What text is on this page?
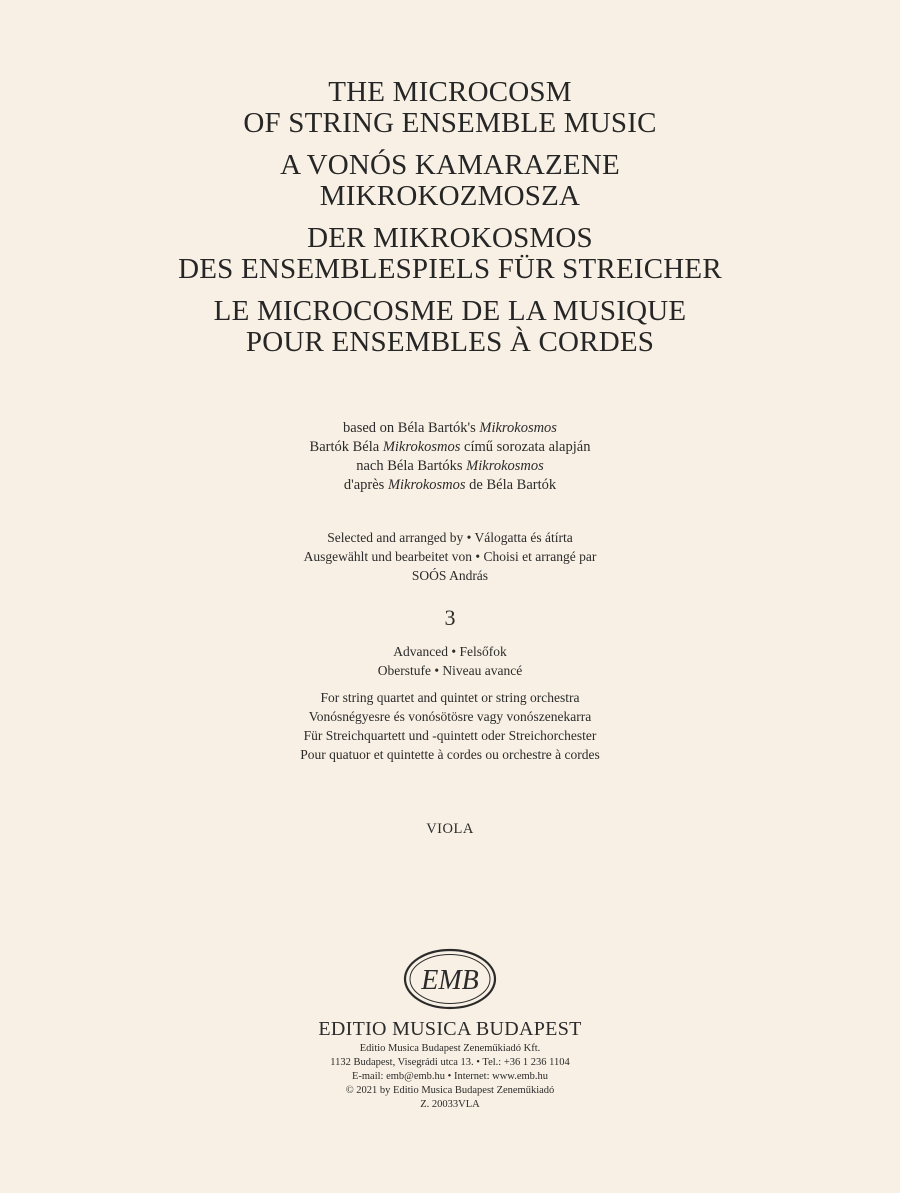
THE MICROCOSM
OF STRING ENSEMBLE MUSIC
A VONÓS KAMARAZENE
MIKROKOZMOSZA
DER MIKROKOSMOS
DES ENSEMBLESPIELS FÜR STREICHER
LE MICROCOSME DE LA MUSIQUE
POUR ENSEMBLES À CORDES
based on Béla Bartók's Mikrokosmos
Bartók Béla Mikrokosmos című sorozata alapján
nach Béla Bartóks Mikrokosmos
d'après Mikrokosmos de Béla Bartók
Selected and arranged by • Válogatta és átírta
Ausgewählt und bearbeitet von • Choisi et arrangé par
SOÓS András
3
Advanced • Felsőfok
Oberstufe • Niveau avancé
For string quartet and quintet or string orchestra
Vonósnégyesre és vonósötösre vagy vonószenekarra
Für Streichquartett und -quintett oder Streichorchester
Pour quatuor et quintette à cordes ou orchestre à cordes
VIOLA
EMB
EDITIO MUSICA BUDAPEST
Editio Musica Budapest Zeneműkiadó Kft.
1132 Budapest, Visegrádi utca 13. • Tel.: +36 1 236 1104
E-mail: emb@emb.hu • Internet: www.emb.hu
© 2021 by Editio Musica Budapest Zeneműkiadó
Z. 20033VLA
